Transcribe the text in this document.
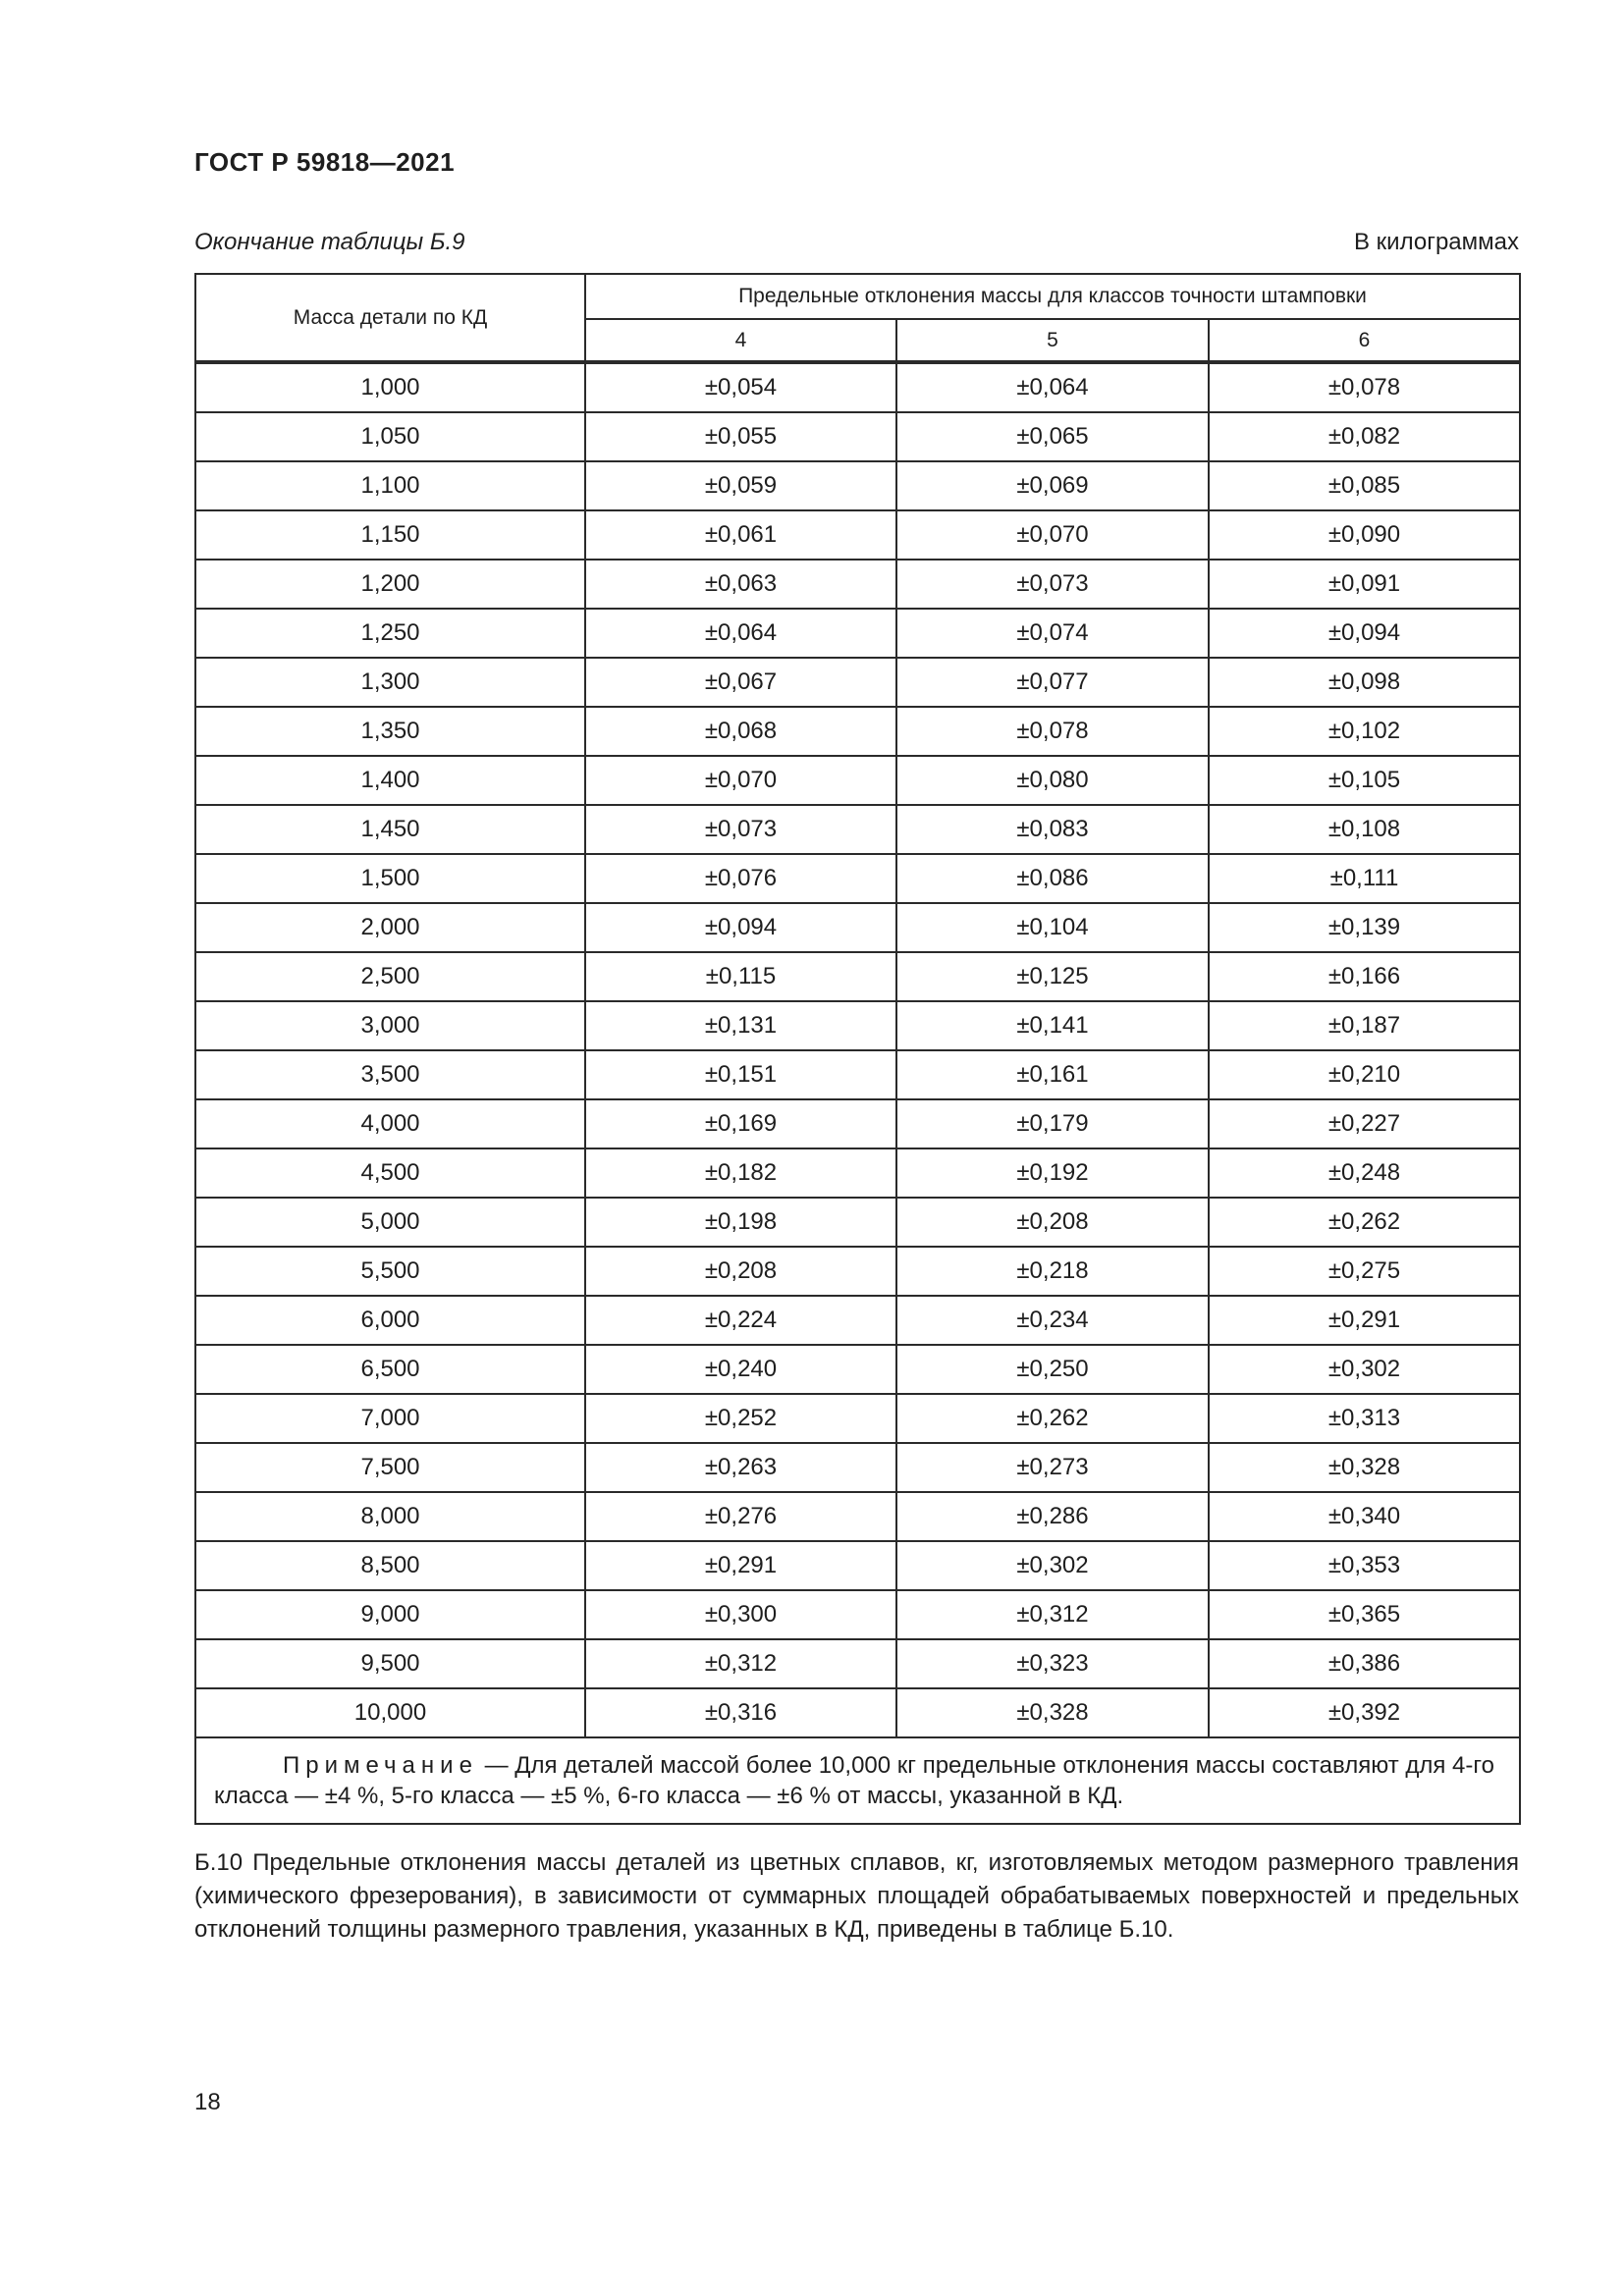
ГОСТ Р 59818—2021
Окончание таблицы Б.9	В килограммах
Масса детали по КД	Предельные отклонения массы для классов точности штамповки		
	4	5	6
1,000	±0,054	±0,064	±0,078
1,050	±0,055	±0,065	±0,082
1,100	±0,059	±0,069	±0,085
1,150	±0,061	±0,070	±0,090
1,200	±0,063	±0,073	±0,091
1,250	±0,064	±0,074	±0,094
1,300	±0,067	±0,077	±0,098
1,350	±0,068	±0,078	±0,102
1,400	±0,070	±0,080	±0,105
1,450	±0,073	±0,083	±0,108
1,500	±0,076	±0,086	±0,111
2,000	±0,094	±0,104	±0,139
2,500	±0,115	±0,125	±0,166
3,000	±0,131	±0,141	±0,187
3,500	±0,151	±0,161	±0,210
4,000	±0,169	±0,179	±0,227
4,500	±0,182	±0,192	±0,248
5,000	±0,198	±0,208	±0,262
5,500	±0,208	±0,218	±0,275
6,000	±0,224	±0,234	±0,291
6,500	±0,240	±0,250	±0,302
7,000	±0,252	±0,262	±0,313
7,500	±0,263	±0,273	±0,328
8,000	±0,276	±0,286	±0,340
8,500	±0,291	±0,302	±0,353
9,000	±0,300	±0,312	±0,365
9,500	±0,312	±0,323	±0,386
10,000	±0,316	±0,328	±0,392
Примечание — Для деталей массой более 10,000 кг предельные отклонения массы составляют для 4-го класса — ±4 %, 5-го класса — ±5 %, 6-го класса — ±6 % от массы, указанной в КД.			
Б.10 Предельные отклонения массы деталей из цветных сплавов, кг, изготовляемых методом размерного травления (химического фрезерования), в зависимости от суммарных площадей обрабатываемых поверхностей и предельных отклонений толщины размерного травления, указанных в КД, приведены в таблице Б.10.
18
